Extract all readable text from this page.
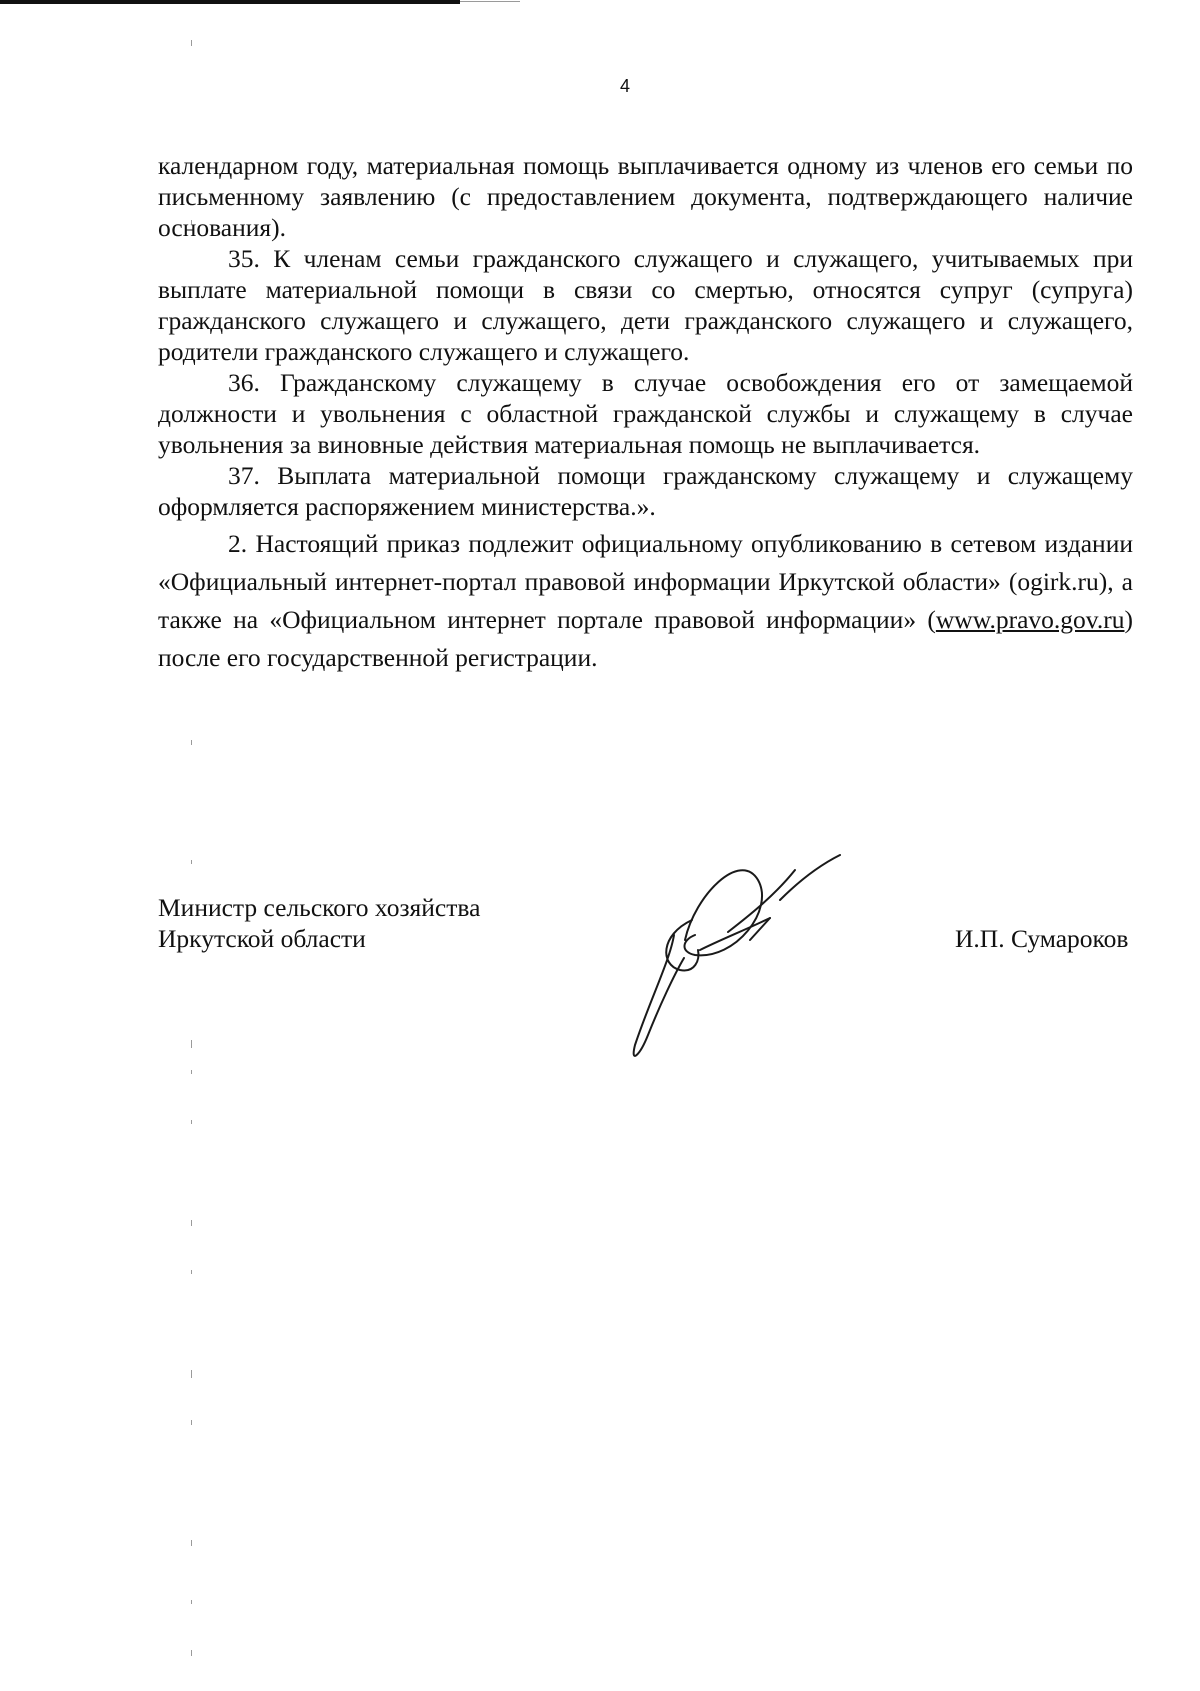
4

календарном году, материальная помощь выплачивается одному из членов его семьи по письменному заявлению (с предоставлением документа, подтверждающего наличие основания).

35. К членам семьи гражданского служащего и служащего, учитываемых при выплате материальной помощи в связи со смертью, относятся супруг (супруга) гражданского служащего и служащего, дети гражданского служащего и служащего, родители гражданского служащего и служащего.

36. Гражданскому служащему в случае освобождения его от замещаемой должности и увольнения с областной гражданской службы и служащему в случае увольнения за виновные действия материальная помощь не выплачивается.

37. Выплата материальной помощи гражданскому служащему и служащему оформляется распоряжением министерства.».

2. Настоящий приказ подлежит официальному опубликованию в сетевом издании «Официальный интернет-портал правовой информации Иркутской области» (ogirk.ru), а также на «Официальном интернет портале правовой информации» (www.pravo.gov.ru) после его государственной регистрации.

Министр сельского хозяйства
Иркутской области	И.П. Сумароков
